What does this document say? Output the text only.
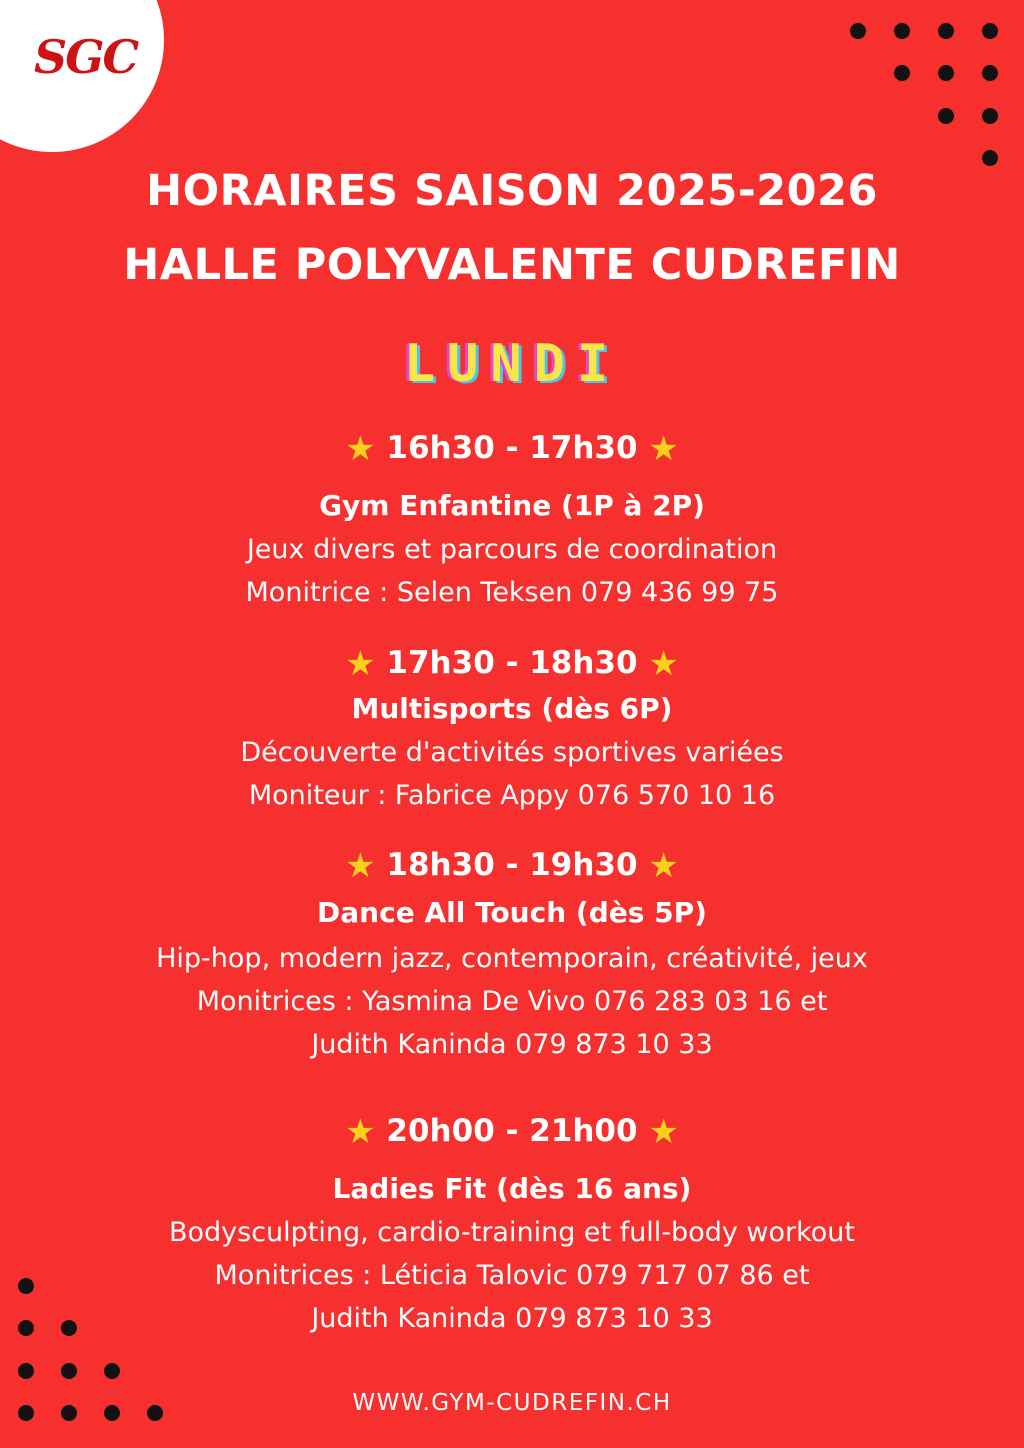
SGC
HORAIRES SAISON 2025-2026
HALLE POLYVALENTE CUDREFIN
LUNDI
★ 16h30 - 17h30 ★
Gym Enfantine (1P à 2P)
Jeux divers et parcours de coordination
Monitrice : Selen Teksen 079 436 99 75
★ 17h30 - 18h30 ★
Multisports (dès 6P)
Découverte d'activités sportives variées
Moniteur : Fabrice Appy 076 570 10 16
★ 18h30 - 19h30 ★
Dance All Touch (dès 5P)
Hip-hop, modern jazz, contemporain, créativité, jeux
Monitrices : Yasmina De Vivo 076 283 03 16 et
Judith Kaninda 079 873 10 33
★ 20h00 - 21h00 ★
Ladies Fit (dès 16 ans)
Bodysculpting, cardio-training et full-body workout
Monitrices : Léticia Talovic 079 717 07 86 et
Judith Kaninda 079 873 10 33
WWW.GYM-CUDREFIN.CH
